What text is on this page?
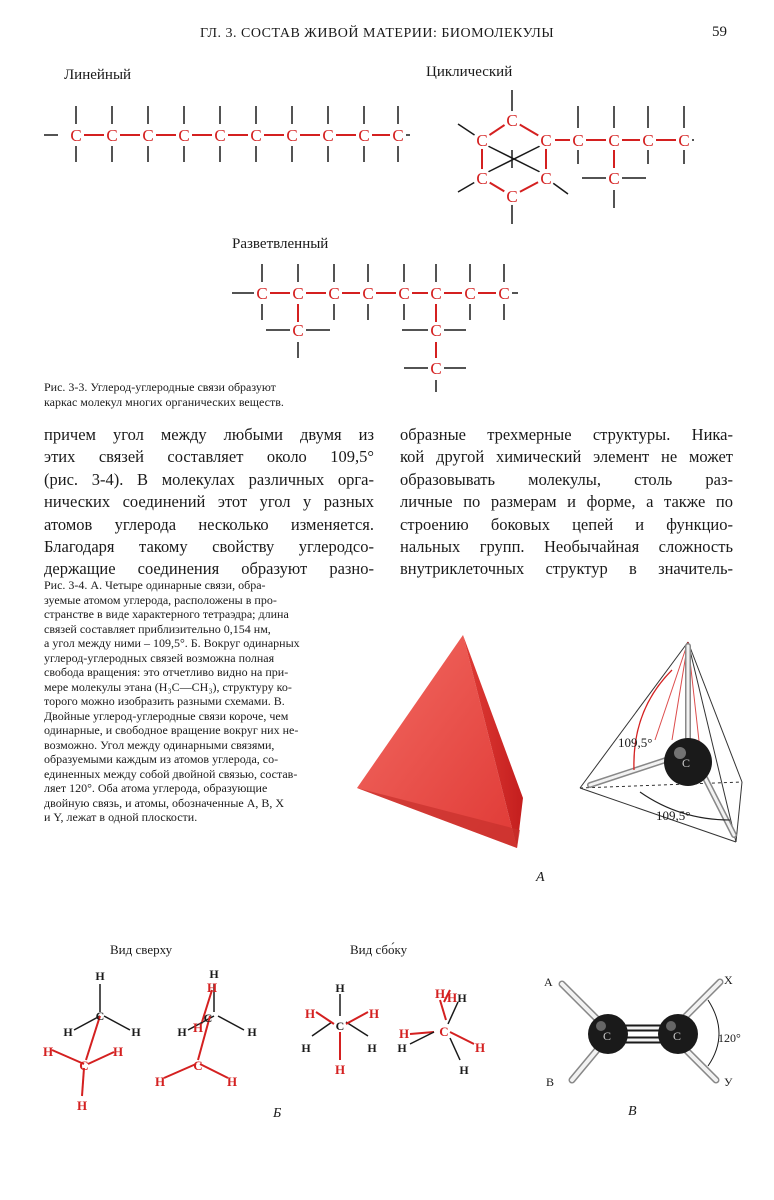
ГЛ. 3. СОСТАВ ЖИВОЙ МАТЕРИИ: БИОМОЛЕКУЛЫ	59
Линейный	Циклический
Разветвленный
C C C C C C C C C C
C
C
C
C
C
C	C C C C
C
C C C C C C C C
C	C
C
Рис. 3-3. Углерод-углеродные связи образуют
каркас молекул многих органических веществ.
причем угол между любыми двумя из
этих связей составляет около 109,5°
(рис. 3-4). В молекулах различных орга-
нических соединений этот угол у разных
атомов углерода несколько изменяется.
Благодаря такому свойству углеродсо-
держащие соединения образуют разно-
образные трехмерные структуры. Ника-
кой другой химический элемент не может
образовывать молекулы, столь раз-
личные по размерам и форме, а также по
строению боковых цепей и функцио-
нальных групп. Необычайная сложность
внутриклеточных структур в значитель-
Рис. 3-4. А. Четыре одинарные связи, обра-
зуемые атомом углерода, расположены в про-
странстве в виде характерного тетраэдра; длина
связей составляет приблизительно 0,154 нм,
а угол между ними – 109,5°. Б. Вокруг одинарных
углерод-углеродных связей возможна полная
свобода вращения: это отчетливо видно на при-
мере молекулы этана (H₃C—CH₃), структуру ко-
торого можно изобразить разными схемами. В.
Двойные углерод-углеродные связи короче, чем
одинарные, и свободное вращение вокруг них не-
возможно. Угол между одинарными связями,
образуемыми каждым из атомов углерода, со-
единенных между собой двойной связью, состав-
ляет 120°. Оба атома углерода, образующие
двойную связь, и атомы, обозначенные А, В, X
и Y, лежат в одной плоскости.
C
109,5°
109,5°
А
Вид сверху	Вид сбо́ку
H
C
H	H
C
H	H
H
H
H
C
H	H
H
C
H	H
H
C
H
H
H	H
H
H H
C
H
H
H
H
H
Б
C	C	120°
А
В
X
У
В
